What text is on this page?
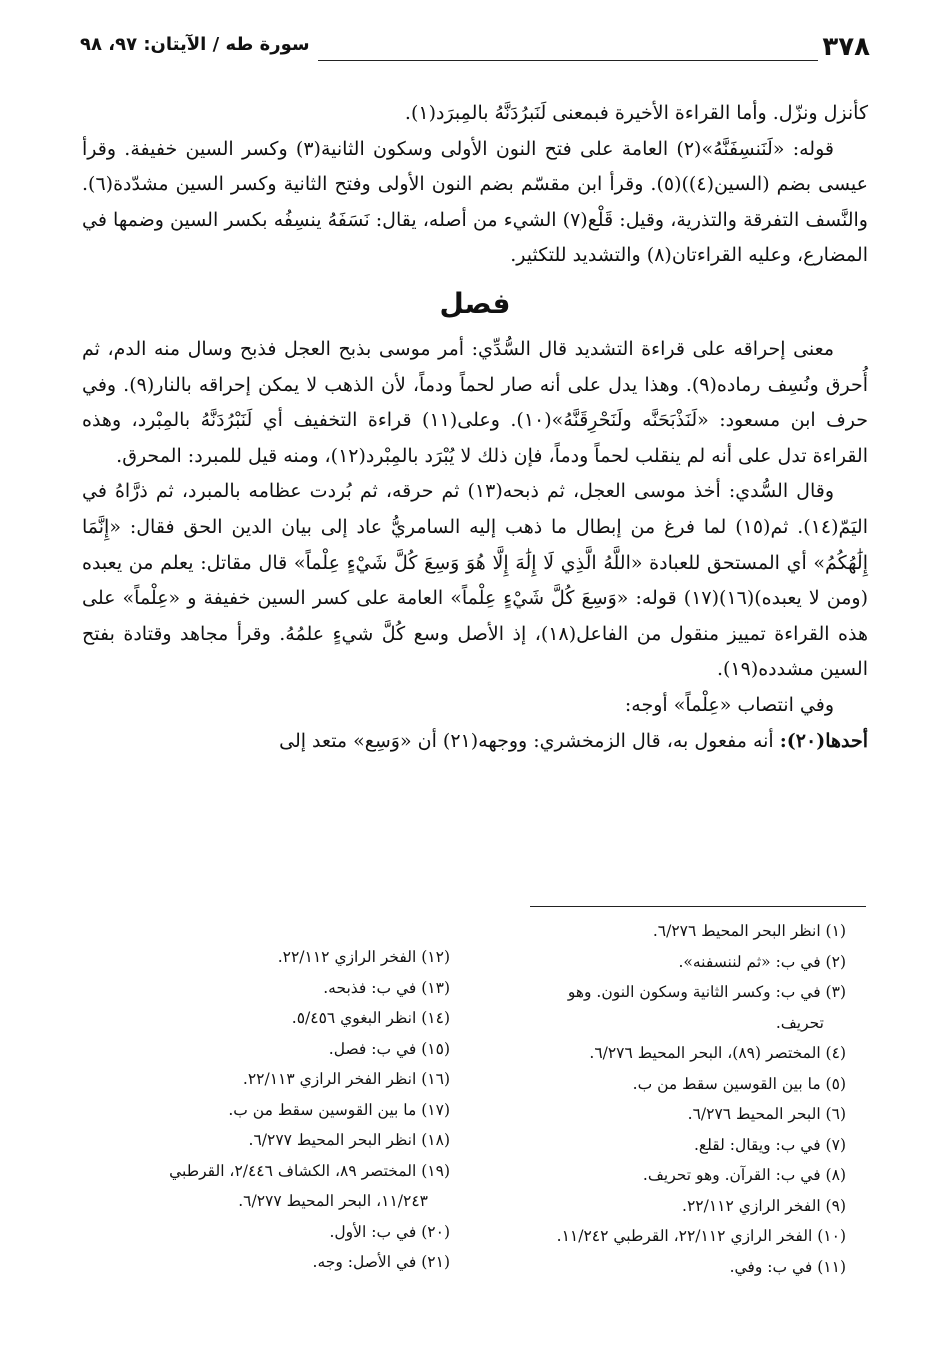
٣٧٨
سورة طه / الآيتان: ٩٧، ٩٨

كأنزل ونزّل. وأما القراءة الأخيرة فبمعنى لَنَبرُدَنَّهُ بالمِبرَد(١).

قوله: «لَنَنسِفَنَّهُ»(٢) العامة على فتح النون الأولى وسكون الثانية(٣) وكسر السين خفيفة. وقرأ عيسى بضم (السين(٤))(٥). وقرأ ابن مقسّم بضم النون الأولى وفتح الثانية وكسر السين مشدّدة(٦). والنَّسف التفرقة والتذرية، وقيل: قَلْع(٧) الشيء من أصله، يقال: نَسَفَهُ ينسِفُه بكسر السين وضمها في المضارع، وعليه القراءتان(٨) والتشديد للتكثير.

فصل

معنى إحراقه على قراءة التشديد قال السُّدِّي: أمر موسى بذبح العجل فذبح وسال منه الدم، ثم أُحرق ونُسِف رماده(٩). وهذا يدل على أنه صار لحماً ودماً، لأن الذهب لا يمكن إحراقه بالنار(٩). وفي حرف ابن مسعود: «لَنَذْبَحَنَّه ولَنَحْرِقَنَّهُ»(١٠). وعلى(١١) قراءة التخفيف أي لَنَبْرُدَنَّهُ بالمِبْرد، وهذه القراءة تدل على أنه لم ينقلب لحماً ودماً، فإن ذلك لا يُبْرَد بالمِبْرد(١٢)، ومنه قيل للمبرد: المحرق.

وقال السُّدي: أخذ موسى العجل، ثم ذبحه(١٣) ثم حرقه، ثم بُردت عظامه بالمبرد، ثم ذرَّاهُ في اليَمّ(١٤). ثم(١٥) لما فرغ من إبطال ما ذهب إليه السامريُّ عاد إلى بيان الدين الحق فقال: «إِنَّمَا إِلَٰهُكُمُ» أي المستحق للعبادة «اللَّهُ الَّذِي لَا إِلَٰهَ إِلَّا هُوَ وَسِعَ كُلَّ شَيْءٍ عِلْماً» قال مقاتل: يعلم من يعبده (ومن لا يعبده)(١٦)(١٧) قوله: «وَسِعَ كُلَّ شَيْءٍ عِلْماً» العامة على كسر السين خفيفة و «عِلْماً» على هذه القراءة تمييز منقول من الفاعل(١٨)، إذ الأصل وسع كُلَّ شيءٍ علمُهُ. وقرأ مجاهد وقتادة بفتح السين مشدده(١٩).

وفي انتصاب «عِلْماً» أوجه:

أحدها(٢٠): أنه مفعول به، قال الزمخشري: ووجهه(٢١) أن «وَسِع» متعد إلى

(١) انظر البحر المحيط ٦/٢٧٦.
(٢) في ب: «ثم لننسفنه».
(٣) في ب: وكسر الثانية وسكون النون. وهو
تحريف.
(٤) المختصر (٨٩)، البحر المحيط ٦/٢٧٦.
(٥) ما بين القوسين سقط من ب.
(٦) البحر المحيط ٦/٢٧٦.
(٧) في ب: ويقال: لقلع.
(٨) في ب: القرآن. وهو تحريف.
(٩) الفخر الرازي ٢٢/١١٢.
(١٠) الفخر الرازي ٢٢/١١٢، القرطبي ١١/٢٤٢.
(١١) في ب: وفي.
(١٢) الفخر الرازي ٢٢/١١٢.
(١٣) في ب: فذبحه.
(١٤) انظر البغوي ٥/٤٥٦.
(١٥) في ب: فصل.
(١٦) انظر الفخر الرازي ٢٢/١١٣.
(١٧) ما بين القوسين سقط من ب.
(١٨) انظر البحر المحيط ٦/٢٧٧.
(١٩) المختصر ٨٩، الكشاف ٢/٤٤٦، القرطبي
١١/٢٤٣، البحر المحيط ٦/٢٧٧.
(٢٠) في ب: الأول.
(٢١) في الأصل: وجه.
